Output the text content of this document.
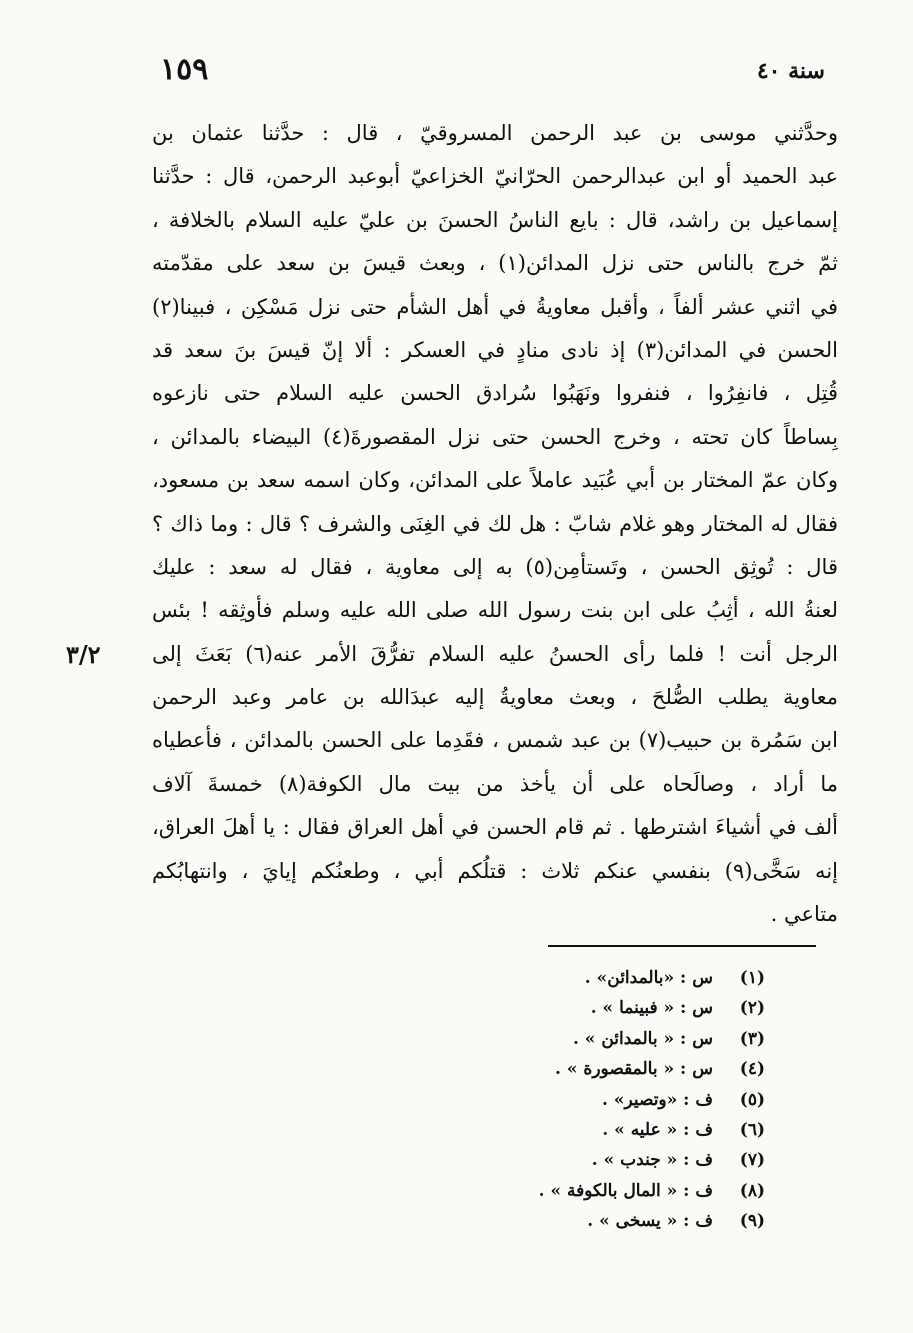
سنة ٤٠
١٥٩
٣/٢
وحدَّثني موسى بن عبد الرحمن المسروقيّ ، قال : حدَّثنا عثمان بن
عبد الحميد أو ابن عبدالرحمن الحرّانيّ الخزاعيّ أبوعبد الرحمن، قال : حدَّثنا
إسماعيل بن راشد، قال : بايع الناسُ الحسنَ بن عليّ عليه السلام بالخلافة ،
ثمّ خرج بالناس حتى نزل المدائن(١) ، وبعث قيسَ بن سعد على مقدّمته
في اثني عشر ألفاً ، وأقبل معاويةُ في أهل الشأم حتى نزل مَسْكِن ، فبينا(٢)
الحسن في المدائن(٣) إذ نادى منادٍ في العسكر : ألا إنّ قيسَ بنَ سعد قد
قُتِل ، فانفِرُوا ، فنفروا ونَهَبُوا سُرادق الحسن عليه السلام حتى نازعوه
بِساطاً كان تحته ، وخرج الحسن حتى نزل المقصورةَ(٤) البيضاء بالمدائن ،
وكان عمّ المختار بن أبي عُبَيد عاملاً على المدائن، وكان اسمه سعد بن مسعود،
فقال له المختار وهو غلام شابّ : هل لك في الغِنَى والشرف ؟ قال : وما ذاك ؟
قال : تُوثِق الحسن ، وتَستأمِن(٥) به إلى معاوية ، فقال له سعد : عليك
لعنةُ الله ، أثِبُ على ابن بنت رسول الله صلى الله عليه وسلم فأوثِقه ! بئس
الرجل أنت ! فلما رأى الحسنُ عليه السلام تفرُّقَ الأمر عنه(٦) بَعَثَ إلى
معاوية يطلب الصُّلحَ ، وبعث معاويةُ إليه عبدَالله بن عامر وعبد الرحمن
ابن سَمُرة بن حبيب(٧) بن عبد شمس ، فقَدِما على الحسن بالمدائن ، فأعطياه
ما أراد ، وصالَحاه على أن يأخذ من بيت مال الكوفة(٨) خمسةَ آلاف
ألف في أشياءَ اشترطها . ثم قام الحسن في أهل العراق فقال : يا أهلَ العراق،
إنه سَخَّى(٩) بنفسي عنكم ثلاث : قتلُكم أبي ، وطعنُكم إيايَ ، وانتهابُكم
متاعي .
(١)س : «بالمدائن» .
(٢)س : « فبينما » .
(٣)س : « بالمدائن » .
(٤)س : « بالمقصورة » .
(٥)ف : «وتصير» .
(٦)ف : « عليه » .
(٧)ف : « جندب » .
(٨)ف : « المال بالكوفة » .
(٩)ف : « يسخى » .
